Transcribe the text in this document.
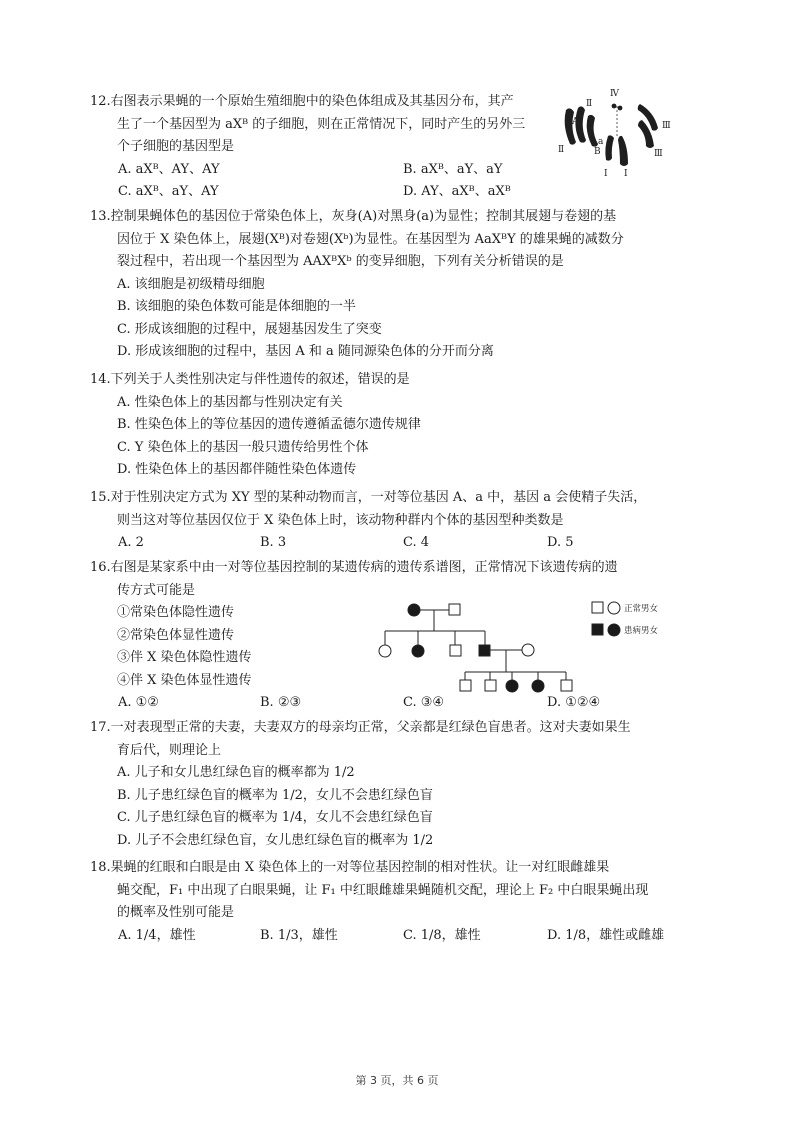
12.右图表示果蝇的一个原始生殖细胞中的染色体组成及其基因分布，其产
生了一个基因型为 aXᴮ 的子细胞，则在正常情况下，同时产生的另外三
个子细胞的基因型是
A. aXᴮ、AY、AY	B. aXᴮ、aY、aY
C. aXᴮ、aY、AY	D. AY、aXᴮ、aXᴮ
Ⅳ
A
a
B
Ⅱ
Ⅱ
Ⅲ
Ⅲ
Ⅰ Ⅰ
13.控制果蝇体色的基因位于常染色体上，灰身(A)对黑身(a)为显性；控制其展翅与卷翅的基
因位于 X 染色体上，展翅(Xᴮ)对卷翅(Xᵇ)为显性。在基因型为 AaXᴮY 的雄果蝇的减数分
裂过程中，若出现一个基因型为 AAXᴮXᵇ 的变异细胞，下列有关分析错误的是
A. 该细胞是初级精母细胞
B. 该细胞的染色体数可能是体细胞的一半
C. 形成该细胞的过程中，展翅基因发生了突变
D. 形成该细胞的过程中，基因 A 和 a 随同源染色体的分开而分离
14.下列关于人类性别决定与伴性遗传的叙述，错误的是
A. 性染色体上的基因都与性别决定有关
B. 性染色体上的等位基因的遗传遵循孟德尔遗传规律
C. Y 染色体上的基因一般只遗传给男性个体
D. 性染色体上的基因都伴随性染色体遗传
15.对于性别决定方式为 XY 型的某种动物而言，一对等位基因 A、a 中，基因 a 会使精子失活，
则当这对等位基因仅位于 X 染色体上时，该动物种群内个体的基因型种类数是
A. 2	B. 3	C. 4	D. 5
16.右图是某家系中由一对等位基因控制的某遗传病的遗传系谱图，正常情况下该遗传病的遗
传方式可能是
①常染色体隐性遗传
②常染色体显性遗传
③伴 X 染色体隐性遗传
④伴 X 染色体显性遗传
A. ①②	B. ②③	C. ③④	D. ①②④
正常男女
患病男女
17.一对表现型正常的夫妻，夫妻双方的母亲均正常，父亲都是红绿色盲患者。这对夫妻如果生
育后代，则理论上
A. 儿子和女儿患红绿色盲的概率都为 1/2
B. 儿子患红绿色盲的概率为 1/2，女儿不会患红绿色盲
C. 儿子患红绿色盲的概率为 1/4，女儿不会患红绿色盲
D. 儿子不会患红绿色盲，女儿患红绿色盲的概率为 1/2
18.果蝇的红眼和白眼是由 X 染色体上的一对等位基因控制的相对性状。让一对红眼雌雄果
蝇交配，F₁ 中出现了白眼果蝇，让 F₁ 中红眼雌雄果蝇随机交配，理论上 F₂ 中白眼果蝇出现
的概率及性别可能是
A. 1/4，雄性	B. 1/3，雄性	C. 1/8，雄性	D. 1/8，雄性或雌雄
第 3 页，共 6 页
